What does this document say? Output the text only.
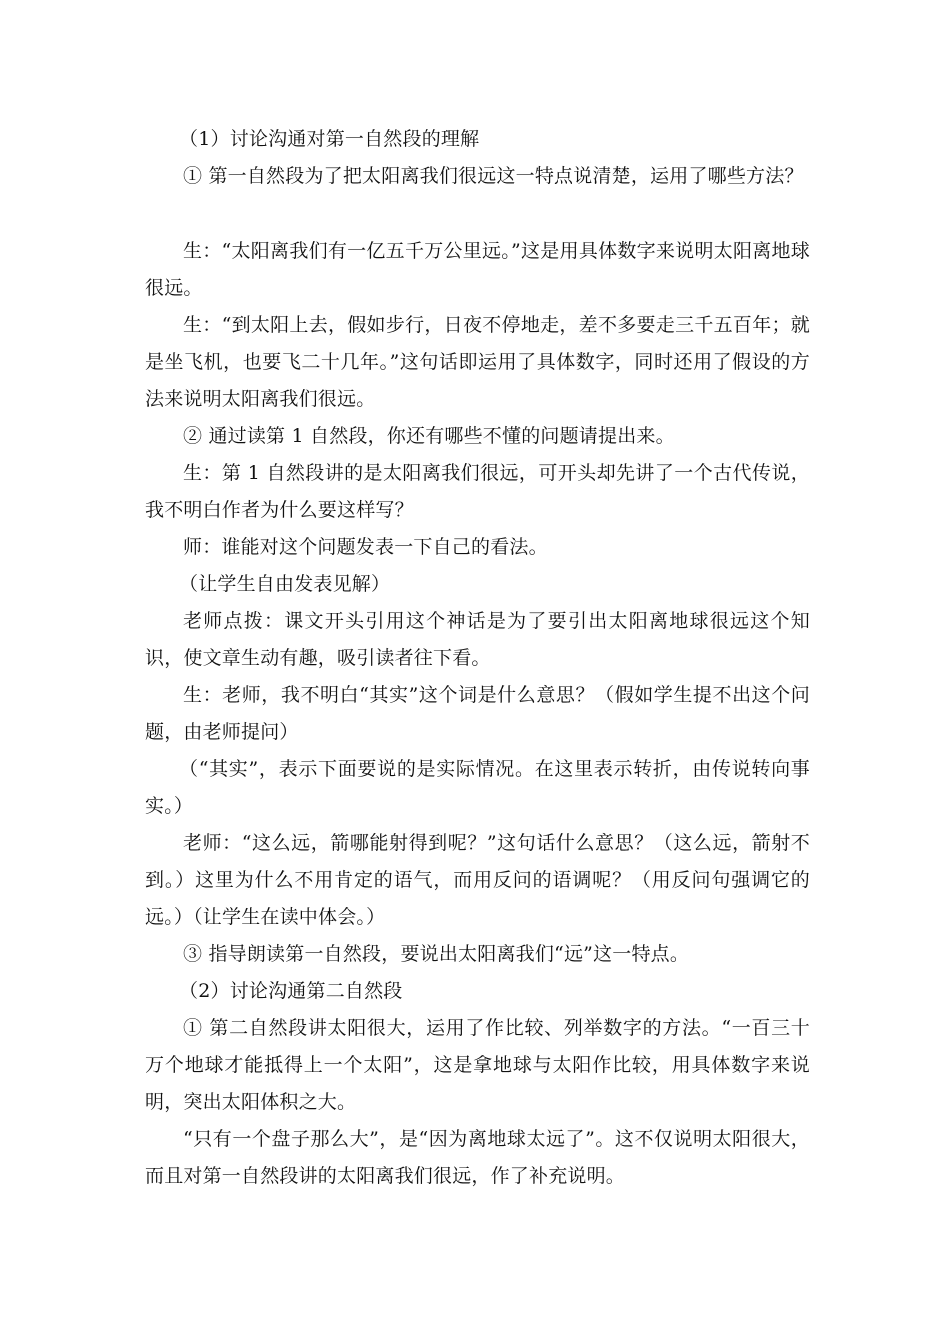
（1）讨论沟通对第一自然段的理解

① 第一自然段为了把太阳离我们很远这一特点说清楚，运用了哪些方法？

生：“太阳离我们有一亿五千万公里远。”这是用具体数字来说明太阳离地球很远。

生：“到太阳上去，假如步行，日夜不停地走，差不多要走三千五百年；就是坐飞机，也要飞二十几年。”这句话即运用了具体数字，同时还用了假设的方法来说明太阳离我们很远。

② 通过读第 1 自然段，你还有哪些不懂的问题请提出来。

生：第 1 自然段讲的是太阳离我们很远，可开头却先讲了一个古代传说，我不明白作者为什么要这样写？

师：谁能对这个问题发表一下自己的看法。

（让学生自由发表见解）

老师点拨：课文开头引用这个神话是为了要引出太阳离地球很远这个知识，使文章生动有趣，吸引读者往下看。

生：老师，我不明白“其实”这个词是什么意思？（假如学生提不出这个问题，由老师提问）

（“其实”，表示下面要说的是实际情况。在这里表示转折，由传说转向事实。）

老师：“这么远，箭哪能射得到呢？”这句话什么意思？（这么远，箭射不到。）这里为什么不用肯定的语气，而用反问的语调呢？（用反问句强调它的远。）（让学生在读中体会。）

③ 指导朗读第一自然段，要说出太阳离我们“远”这一特点。

（2）讨论沟通第二自然段

① 第二自然段讲太阳很大，运用了作比较、列举数字的方法。“一百三十万个地球才能抵得上一个太阳”，这是拿地球与太阳作比较，用具体数字来说明，突出太阳体积之大。

“只有一个盘子那么大”，是“因为离地球太远了”。这不仅说明太阳很大，而且对第一自然段讲的太阳离我们很远，作了补充说明。
